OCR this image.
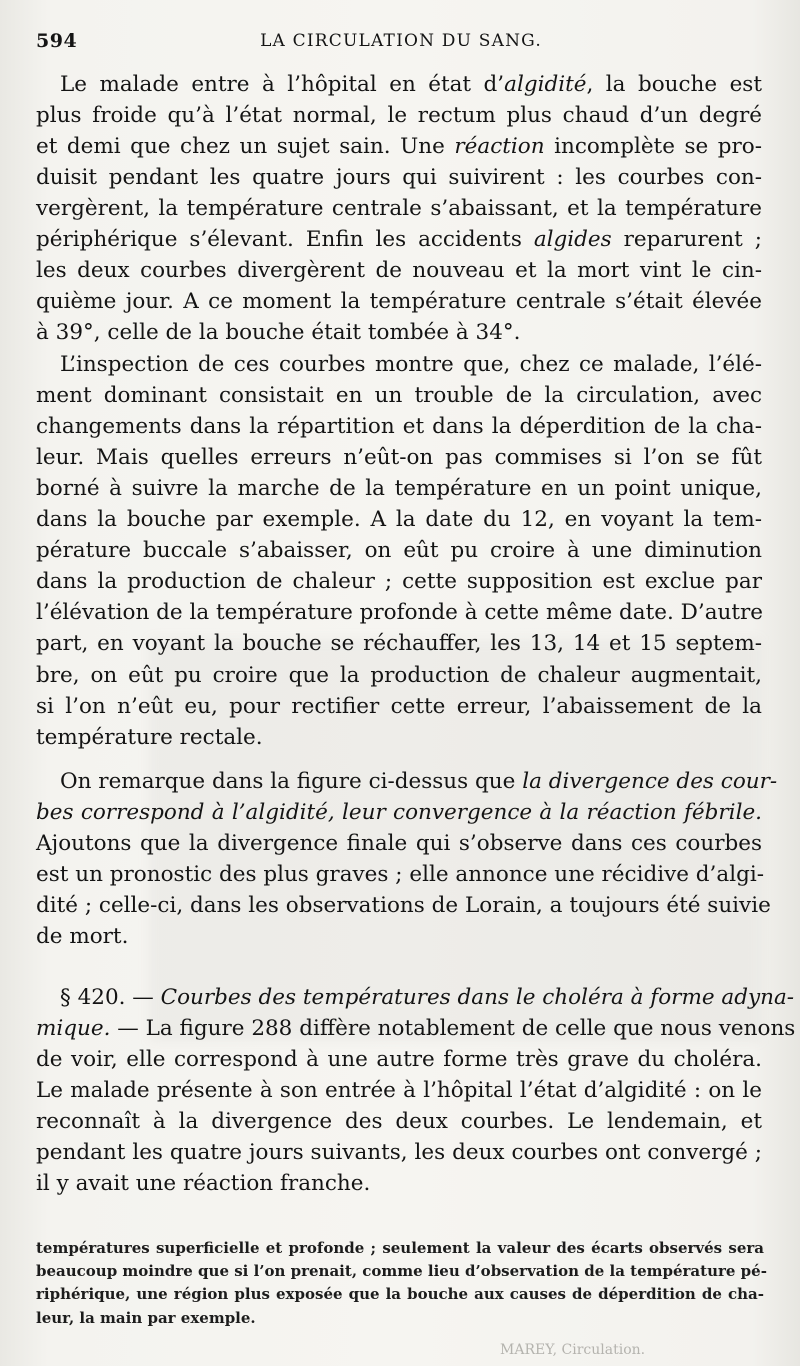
594	LA CIRCULATION DU SANG.
Le malade entre à l’hôpital en état d’algidité, la bouche est
plus froide qu’à l’état normal, le rectum plus chaud d’un degré
et demi que chez un sujet sain. Une réaction incomplète se pro-
duisit pendant les quatre jours qui suivirent : les courbes con-
vergèrent, la température centrale s’abaissant, et la température
périphérique s’élevant. Enfin les accidents algides reparurent ;
les deux courbes divergèrent de nouveau et la mort vint le cin-
quième jour. A ce moment la température centrale s’était élevée
à 39°, celle de la bouche était tombée à 34°.
L’inspection de ces courbes montre que, chez ce malade, l’élé-
ment dominant consistait en un trouble de la circulation, avec
changements dans la répartition et dans la déperdition de la cha-
leur. Mais quelles erreurs n’eût-on pas commises si l’on se fût
borné à suivre la marche de la température en un point unique,
dans la bouche par exemple. A la date du 12, en voyant la tem-
pérature buccale s’abaisser, on eût pu croire à une diminution
dans la production de chaleur ; cette supposition est exclue par
l’élévation de la température profonde à cette même date. D’autre
part, en voyant la bouche se réchauffer, les 13, 14 et 15 septem-
bre, on eût pu croire que la production de chaleur augmentait,
si l’on n’eût eu, pour rectifier cette erreur, l’abaissement de la
température rectale.
On remarque dans la figure ci-dessus que la divergence des cour-
bes correspond à l’algidité, leur convergence à la réaction fébrile.
Ajoutons que la divergence finale qui s’observe dans ces courbes
est un pronostic des plus graves ; elle annonce une récidive d’algi-
dité ; celle-ci, dans les observations de Lorain, a toujours été suivie
de mort.
§ 420. — Courbes des températures dans le choléra à forme adyna-
mique. — La figure 288 diffère notablement de celle que nous venons
de voir, elle correspond à une autre forme très grave du choléra.
Le malade présente à son entrée à l’hôpital l’état d’algidité : on le
reconnaît à la divergence des deux courbes. Le lendemain, et
pendant les quatre jours suivants, les deux courbes ont convergé ;
il y avait une réaction franche.
températures superficielle et profonde ; seulement la valeur des écarts observés sera
beaucoup moindre que si l’on prenait, comme lieu d’observation de la température pé-
riphérique, une région plus exposée que la bouche aux causes de déperdition de cha-
leur, la main par exemple.
MAREY, Circulation.
